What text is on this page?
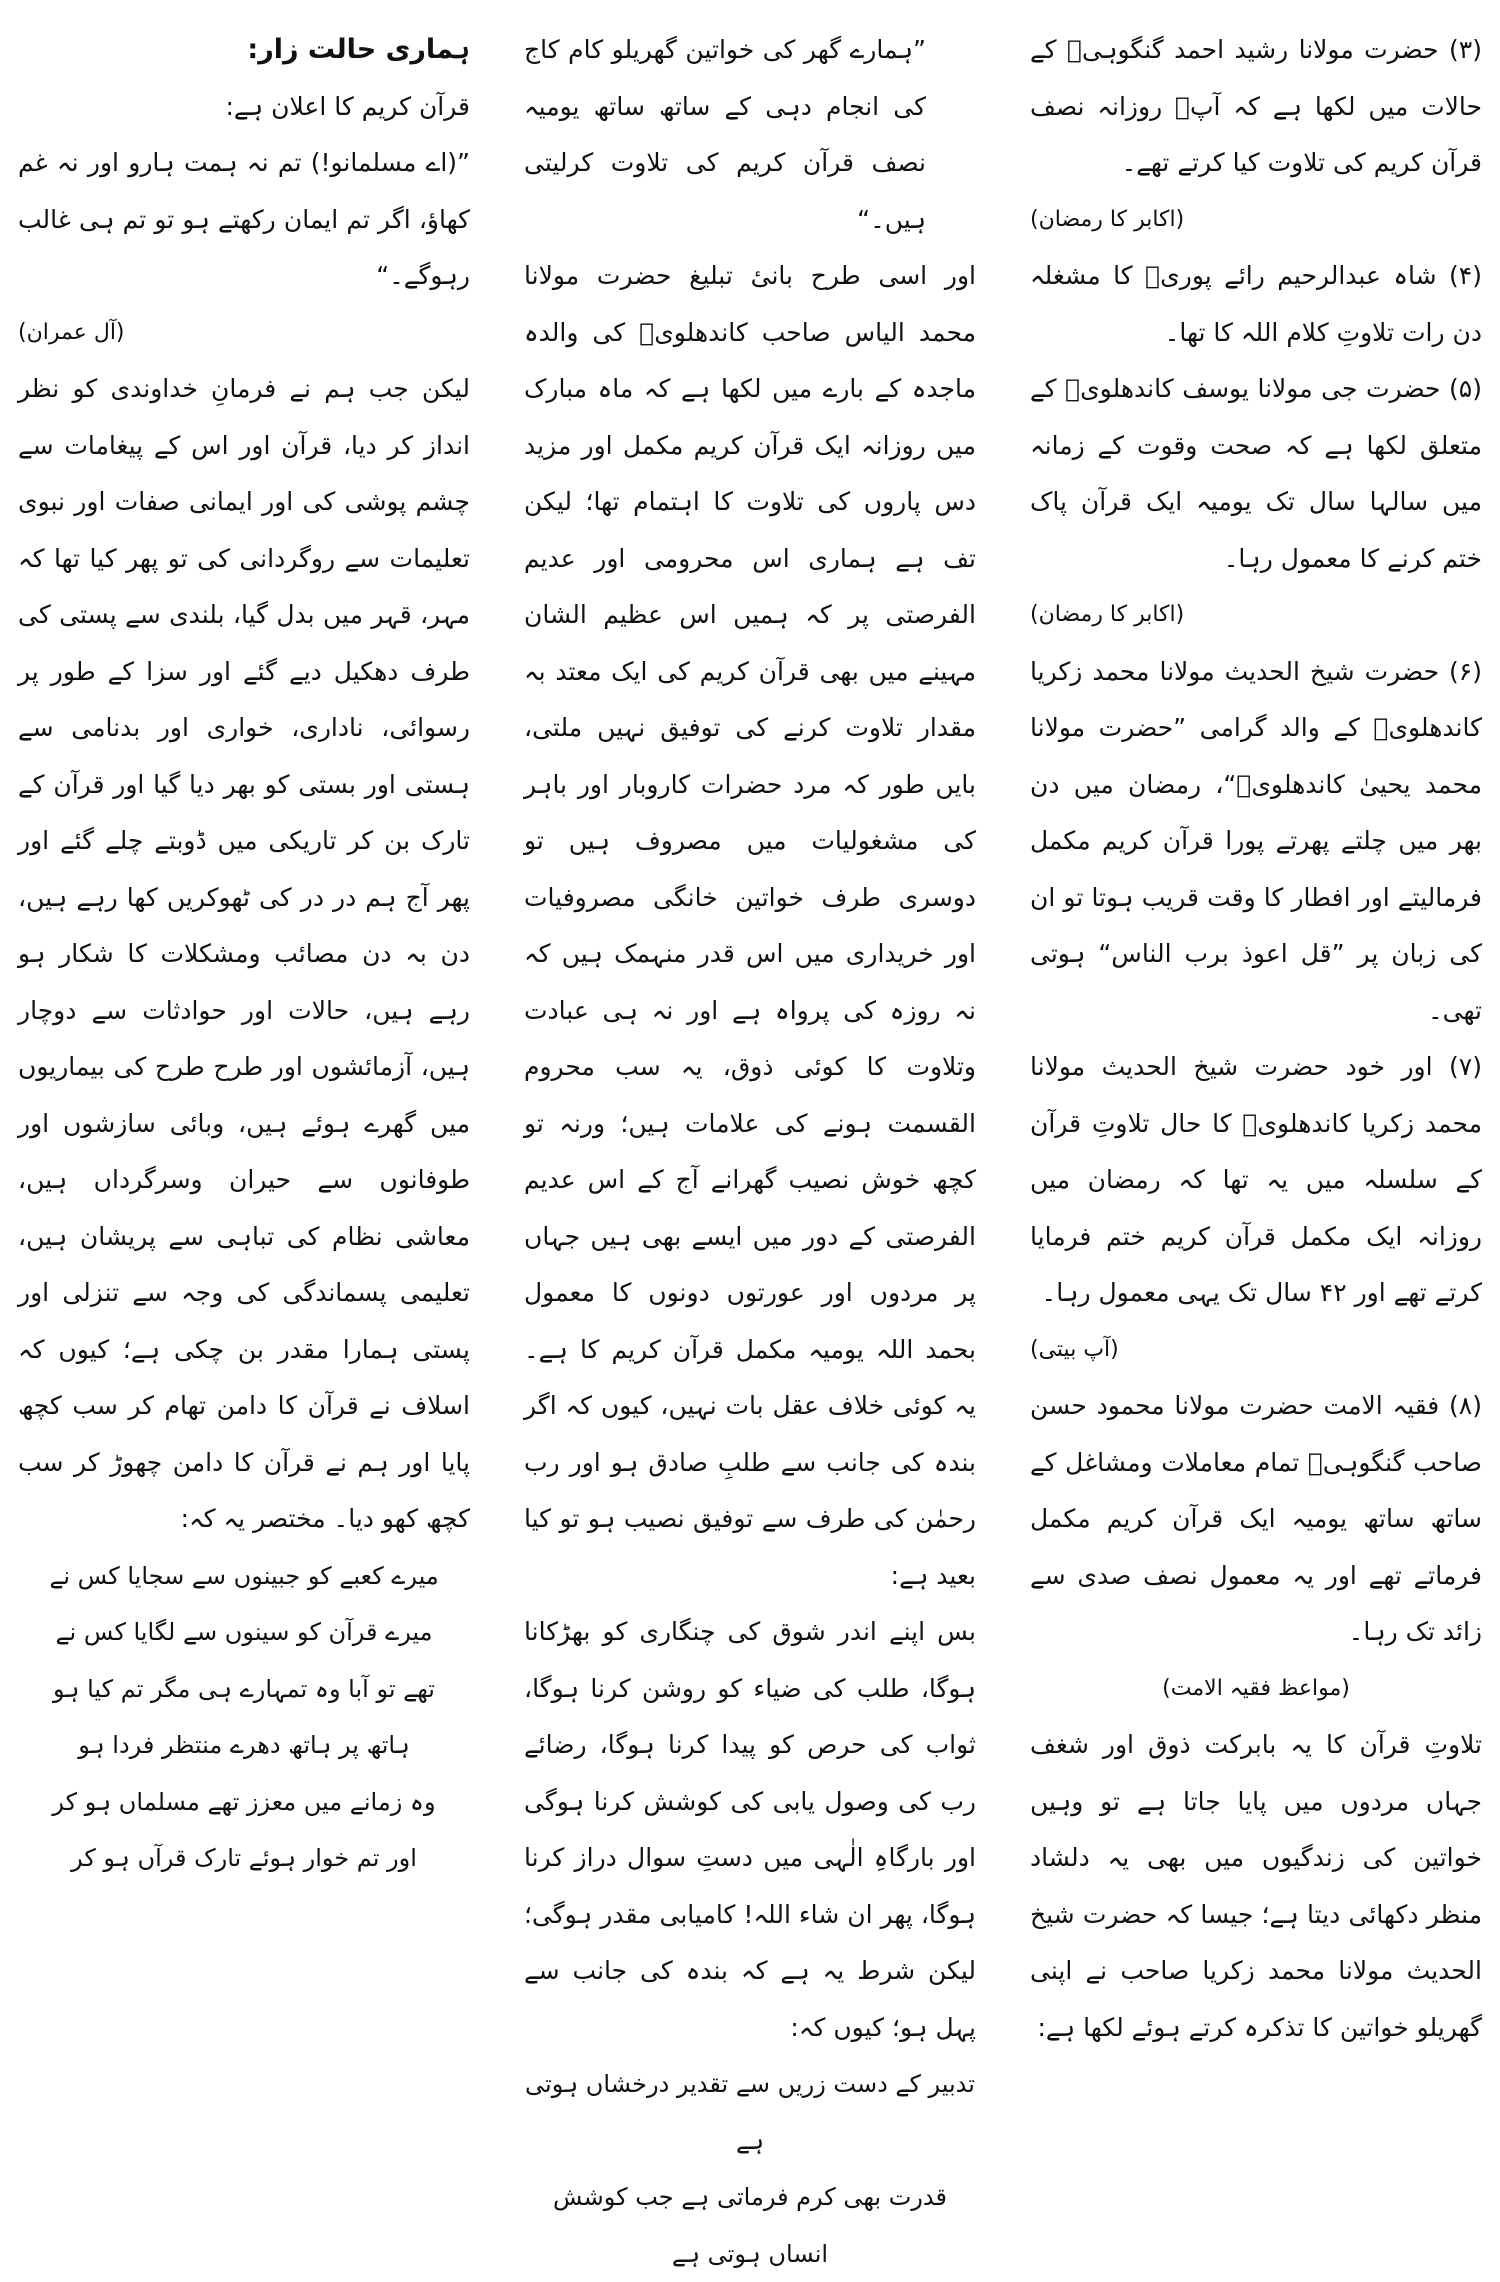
(۳) حضرت مولانا رشید احمد گنگوہیؒ کے حالات میں لکھا ہے کہ آپؒ روزانہ نصف قرآن کریم کی تلاوت کیا کرتے تھے۔

(اکابر کا رمضان)

(۴) شاہ عبدالرحیم رائے پوریؒ کا مشغلہ دن رات تلاوتِ کلام اللہ کا تھا۔

(۵) حضرت جی مولانا یوسف کاندھلویؒ کے متعلق لکھا ہے کہ صحت وقوت کے زمانہ میں سالہا سال تک یومیہ ایک قرآن پاک ختم کرنے کا معمول رہا۔

(اکابر کا رمضان)

(۶) حضرت شیخ الحدیث مولانا محمد زکریا کاندھلویؒ کے والد گرامی ”حضرت مولانا محمد یحییٰ کاندھلویؒ“، رمضان میں دن بھر میں چلتے پھرتے پورا قرآن کریم مکمل فرمالیتے اور افطار کا وقت قریب ہوتا تو ان کی زبان پر ”قل اعوذ برب الناس“ ہوتی تھی۔

(۷) اور خود حضرت شیخ الحدیث مولانا محمد زکریا کاندھلویؒ کا حال تلاوتِ قرآن کے سلسلہ میں یہ تھا کہ رمضان میں روزانہ ایک مکمل قرآن کریم ختم فرمایا کرتے تھے اور ۴۲ سال تک یہی معمول رہا۔

(آپ بیتی)

(۸) فقیہ الامت حضرت مولانا محمود حسن صاحب گنگوہیؒ تمام معاملات ومشاغل کے ساتھ ساتھ یومیہ ایک قرآن کریم مکمل فرماتے تھے اور یہ معمول نصف صدی سے زائد تک رہا۔

(مواعظ فقیہ الامت)

تلاوتِ قرآن کا یہ بابرکت ذوق اور شغف جہاں مردوں میں پایا جاتا ہے تو وہیں خواتین کی زندگیوں میں بھی یہ دلشاد منظر دکھائی دیتا ہے؛ جیسا کہ حضرت شیخ الحدیث مولانا محمد زکریا صاحب نے اپنی گھریلو خواتین کا تذکرہ کرتے ہوئے لکھا ہے:

”ہمارے گھر کی خواتین گھریلو کام کاج کی انجام دہی کے ساتھ ساتھ یومیہ نصف قرآن کریم کی تلاوت کرلیتی ہیں۔“

اور اسی طرح بانیٔ تبلیغ حضرت مولانا محمد الیاس صاحب کاندھلویؒ کی والدہ ماجدہ کے بارے میں لکھا ہے کہ ماہ مبارک میں روزانہ ایک قرآن کریم مکمل اور مزید دس پاروں کی تلاوت کا اہتمام تھا؛ لیکن تف ہے ہماری اس محرومی اور عدیم الفرصتی پر کہ ہمیں اس عظیم الشان مہینے میں بھی قرآن کریم کی ایک معتد بہ مقدار تلاوت کرنے کی توفیق نہیں ملتی، بایں طور کہ مرد حضرات کاروبار اور باہر کی مشغولیات میں مصروف ہیں تو دوسری طرف خواتین خانگی مصروفیات اور خریداری میں اس قدر منہمک ہیں کہ نہ روزہ کی پرواہ ہے اور نہ ہی عبادت وتلاوت کا کوئی ذوق، یہ سب محروم القسمت ہونے کی علامات ہیں؛ ورنہ تو کچھ خوش نصیب گھرانے آج کے اس عدیم الفرصتی کے دور میں ایسے بھی ہیں جہاں پر مردوں اور عورتوں دونوں کا معمول بحمد اللہ یومیہ مکمل قرآن کریم کا ہے۔ یہ کوئی خلاف عقل بات نہیں، کیوں کہ اگر بندہ کی جانب سے طلبِ صادق ہو اور رب رحمٰن کی طرف سے توفیق نصیب ہو تو کیا بعید ہے:

بس اپنے اندر شوق کی چنگاری کو بھڑکانا ہوگا، طلب کی ضیاء کو روشن کرنا ہوگا، ثواب کی حرص کو پیدا کرنا ہوگا، رضائے رب کی وصول یابی کی کوشش کرنا ہوگی اور بارگاہِ الٰہی میں دستِ سوال دراز کرنا ہوگا، پھر ان شاء اللہ! کامیابی مقدر ہوگی؛ لیکن شرط یہ ہے کہ بندہ کی جانب سے پہل ہو؛ کیوں کہ:

تدبیر کے دست زریں سے تقدیر درخشاں ہوتی ہے

قدرت بھی کرم فرماتی ہے جب کوشش انساں ہوتی ہے

ہماری حالت زار:

قرآن کریم کا اعلان ہے:

”(اے مسلمانو!) تم نہ ہمت ہارو اور نہ غم کھاؤ، اگر تم ایمان رکھتے ہو تو تم ہی غالب رہوگے۔“

(آل عمران)

لیکن جب ہم نے فرمانِ خداوندی کو نظر انداز کر دیا، قرآن اور اس کے پیغامات سے چشم پوشی کی اور ایمانی صفات اور نبوی تعلیمات سے روگردانی کی تو پھر کیا تھا کہ مہر، قہر میں بدل گیا، بلندی سے پستی کی طرف دھکیل دیے گئے اور سزا کے طور پر رسوائی، ناداری، خواری اور بدنامی سے ہستی اور بستی کو بھر دیا گیا اور قرآن کے تارک بن کر تاریکی میں ڈوبتے چلے گئے اور پھر آج ہم در در کی ٹھوکریں کھا رہے ہیں، دن بہ دن مصائب ومشکلات کا شکار ہو رہے ہیں، حالات اور حوادثات سے دوچار ہیں، آزمائشوں اور طرح طرح کی بیماریوں میں گھرے ہوئے ہیں، وبائی سازشوں اور طوفانوں سے حیران وسرگرداں ہیں، معاشی نظام کی تباہی سے پریشان ہیں، تعلیمی پسماندگی کی وجہ سے تنزلی اور پستی ہمارا مقدر بن چکی ہے؛ کیوں کہ اسلاف نے قرآن کا دامن تھام کر سب کچھ پایا اور ہم نے قرآن کا دامن چھوڑ کر سب کچھ کھو دیا۔ مختصر یہ کہ:

میرے کعبے کو جبینوں سے سجایا کس نے

میرے قرآن کو سینوں سے لگایا کس نے

تھے تو آبا وہ تمہارے ہی مگر تم کیا ہو

ہاتھ پر ہاتھ دھرے منتظر فردا ہو

وہ زمانے میں معزز تھے مسلماں ہو کر

اور تم خوار ہوئے تارک قرآں ہو کر
